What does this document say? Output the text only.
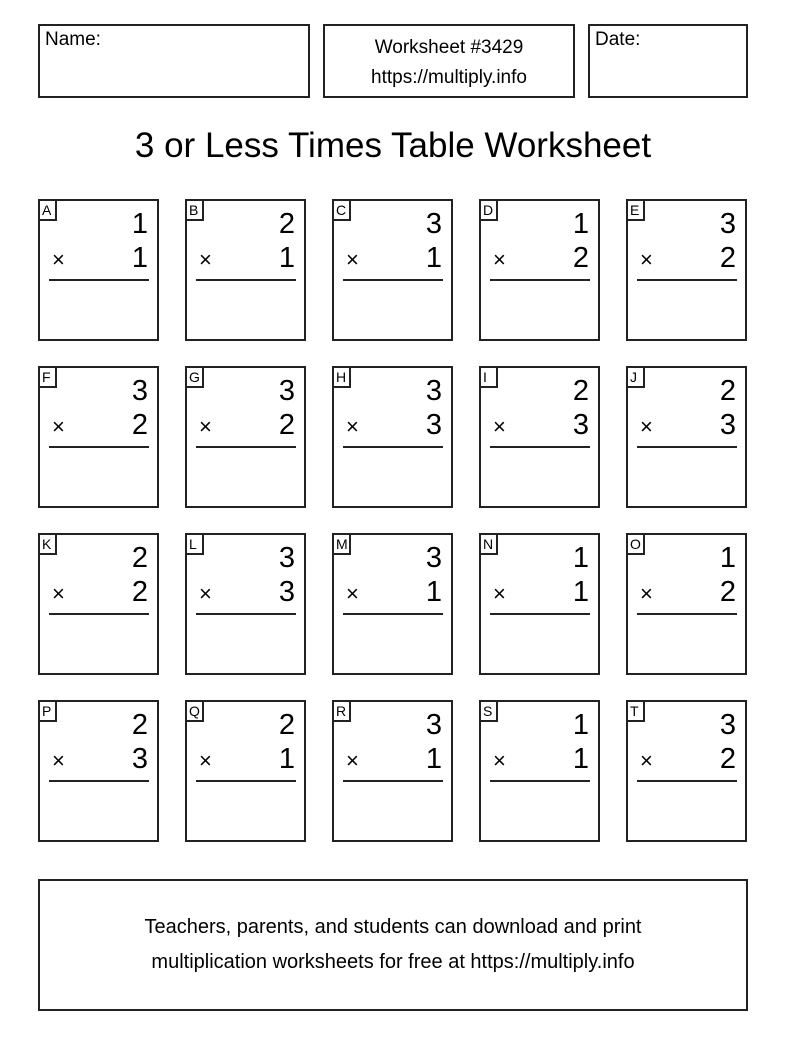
Name:	Worksheet #3429
https://multiply.info
Date:
3 or Less Times Table Worksheet
A	1
× 1
B	2
× 1
C	3
× 1
D	1
× 2
E	3
× 2
F	3
× 2
G	3
× 2
H	3
× 3
I	2
× 3
J	2
× 3
K	2
× 2
L	3
× 3
M	3
× 1
N	1
× 1
O	1
× 2
P	2
× 3
Q	2
× 1
R	3
× 1
S	1
× 1
T	3
× 2
Teachers, parents, and students can download and print
multiplication worksheets for free at https://multiply.info
